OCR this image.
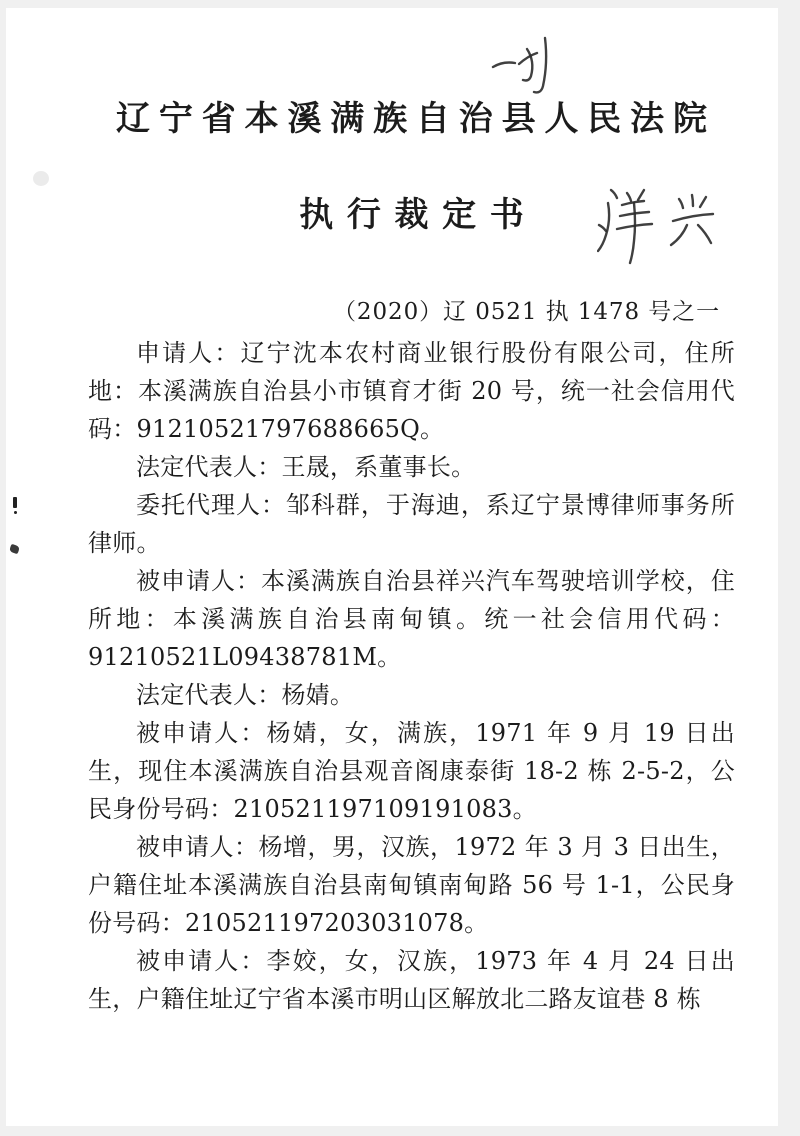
辽宁省本溪满族自治县人民法院
执行裁定书
（2020）辽 0521 执 1478 号之一

申请人：辽宁沈本农村商业银行股份有限公司，住所地：本溪满族自治县小市镇育才街 20 号，统一社会信用代码：91210521797688665Q。

法定代表人：王晟，系董事长。

委托代理人：邹科群，于海迪，系辽宁景博律师事务所律师。

被申请人：本溪满族自治县祥兴汽车驾驶培训学校，住所地：本溪满族自治县南甸镇。统一社会信用代码：91210521L09438781M。

法定代表人：杨婧。

被申请人：杨婧，女，满族，1971 年 9 月 19 日出生，现住本溪满族自治县观音阁康泰街 18-2 栋 2-5-2，公民身份号码：210521197109191083。

被申请人：杨增，男，汉族，1972 年 3 月 3 日出生，户籍住址本溪满族自治县南甸镇南甸路 56 号 1-1，公民身份号码：210521197203031078。

被申请人：李姣，女，汉族，1973 年 4 月 24 日出生，户籍住址辽宁省本溪市明山区解放北二路友谊巷 8 栋
